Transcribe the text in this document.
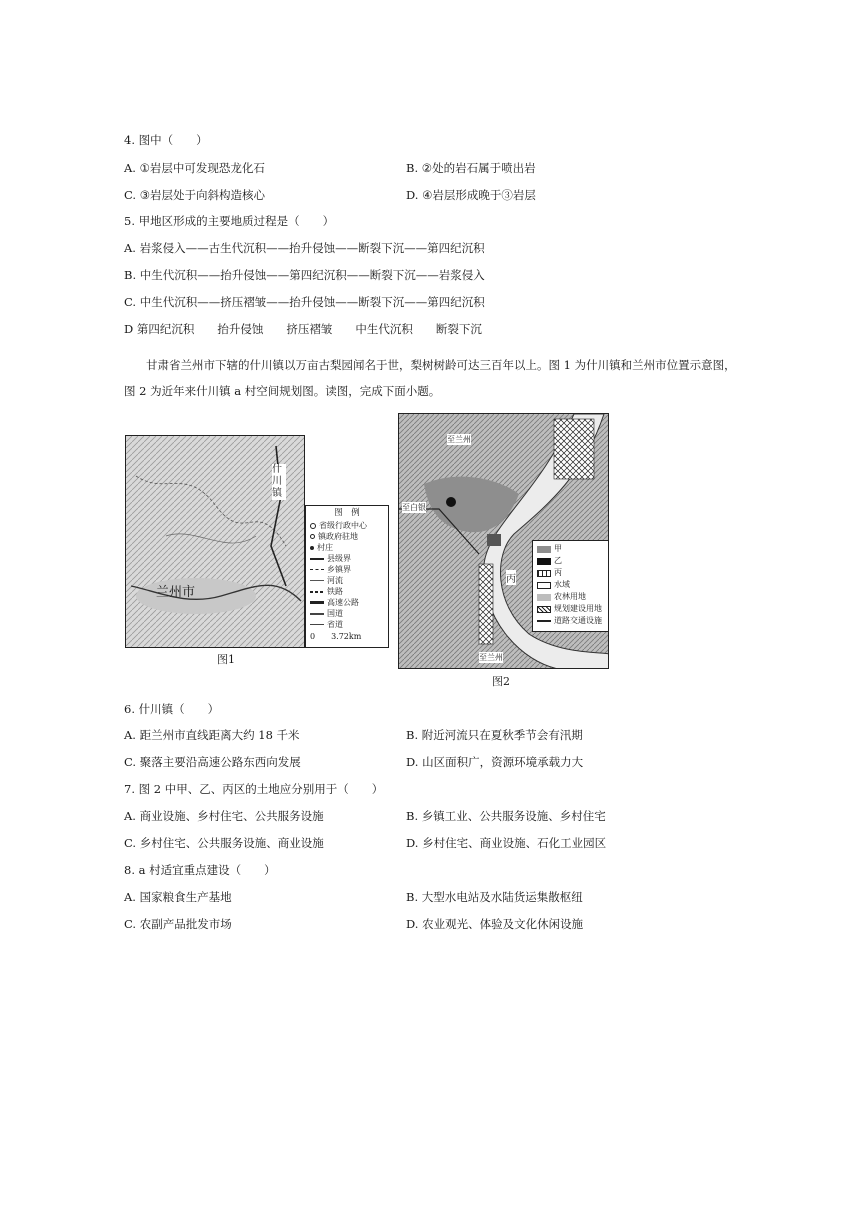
4. 图中（　　）
A. ①岩层中可发现恐龙化石	B. ②处的岩石属于喷出岩
C. ③岩层处于向斜构造核心	D. ④岩层形成晚于③岩层
5. 甲地区形成的主要地质过程是（　　）
A. 岩浆侵入——古生代沉积——抬升侵蚀——断裂下沉——第四纪沉积
B. 中生代沉积——抬升侵蚀——第四纪沉积——断裂下沉——岩浆侵入
C. 中生代沉积——挤压褶皱——抬升侵蚀——断裂下沉——第四纪沉积
D 第四纪沉积　　抬升侵蚀　　挤压褶皱　　中生代沉积　　断裂下沉
甘肃省兰州市下辖的什川镇以万亩古梨园闻名于世，梨树树龄可达三百年以上。图 1 为什川镇和兰州市位置示意图，图 2 为近年来什川镇 a 村空间规划图。读图，完成下面小题。
兰州市
什川镇
图　例
省级行政中心
镇政府驻地
村庄
县级界
乡镇界
河流
铁路
高速公路
国道
省道
0　　3.72km
图1
丙
至兰州
至白银
至兰州
甲
乙
丙
水域
农林用地
规划建设用地
道路交通设施
图2
6. 什川镇（　　）
A. 距兰州市直线距离大约 18 千米	B. 附近河流只在夏秋季节会有汛期
C. 聚落主要沿高速公路东西向发展	D. 山区面积广，资源环境承载力大
7. 图 2 中甲、乙、丙区的土地应分别用于（　　）
A. 商业设施、乡村住宅、公共服务设施	B. 乡镇工业、公共服务设施、乡村住宅
C. 乡村住宅、公共服务设施、商业设施	D. 乡村住宅、商业设施、石化工业园区
8. a 村适宜重点建设（　　）
A. 国家粮食生产基地	B. 大型水电站及水陆货运集散枢纽
C. 农副产品批发市场	D. 农业观光、体验及文化休闲设施
